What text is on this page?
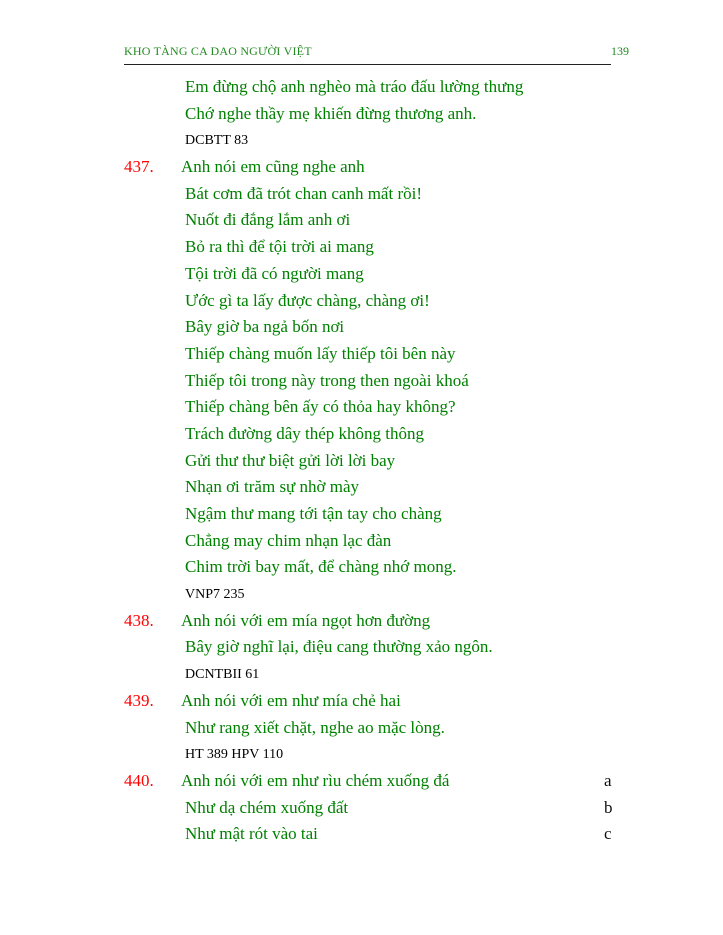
KHO TÀNG CA DAO NGƯỜI VIỆT	139
Em đừng chộ anh nghèo mà tráo đấu lường thưng
Chớ nghe thầy mẹ khiến đừng thương anh.
DCBTT 83
437. Anh nói em cũng nghe anh
Bát cơm đã trót chan canh mất rồi!
Nuốt đi đắng lắm anh ơi
Bỏ ra thì để tội trời ai mang
Tội trời đã có người mang
Ước gì ta lấy được chàng, chàng ơi!
Bây giờ ba ngả bốn nơi
Thiếp chàng muốn lấy thiếp tôi bên này
Thiếp tôi trong này trong then ngoài khoá
Thiếp chàng bên ấy có thỏa hay không?
Trách đường dây thép không thông
Gửi thư thư biệt gửi lời lời bay
Nhạn ơi trăm sự nhờ mày
Ngậm thư mang tới tận tay cho chàng
Chẳng may chim nhạn lạc đàn
Chim trời bay mất, để chàng nhớ mong.
VNP7 235
438. Anh nói với em mía ngọt hơn đường
Bây giờ nghĩ lại, điệu cang thường xảo ngôn.
DCNTBII 61
439. Anh nói với em như mía chẻ hai
Như rang xiết chặt, nghe ao mặc lòng.
HT 389 HPV 110
440. Anh nói với em như rìu chém xuống đá	a
Như dạ chém xuống đất	b
Như mật rót vào tai	c
